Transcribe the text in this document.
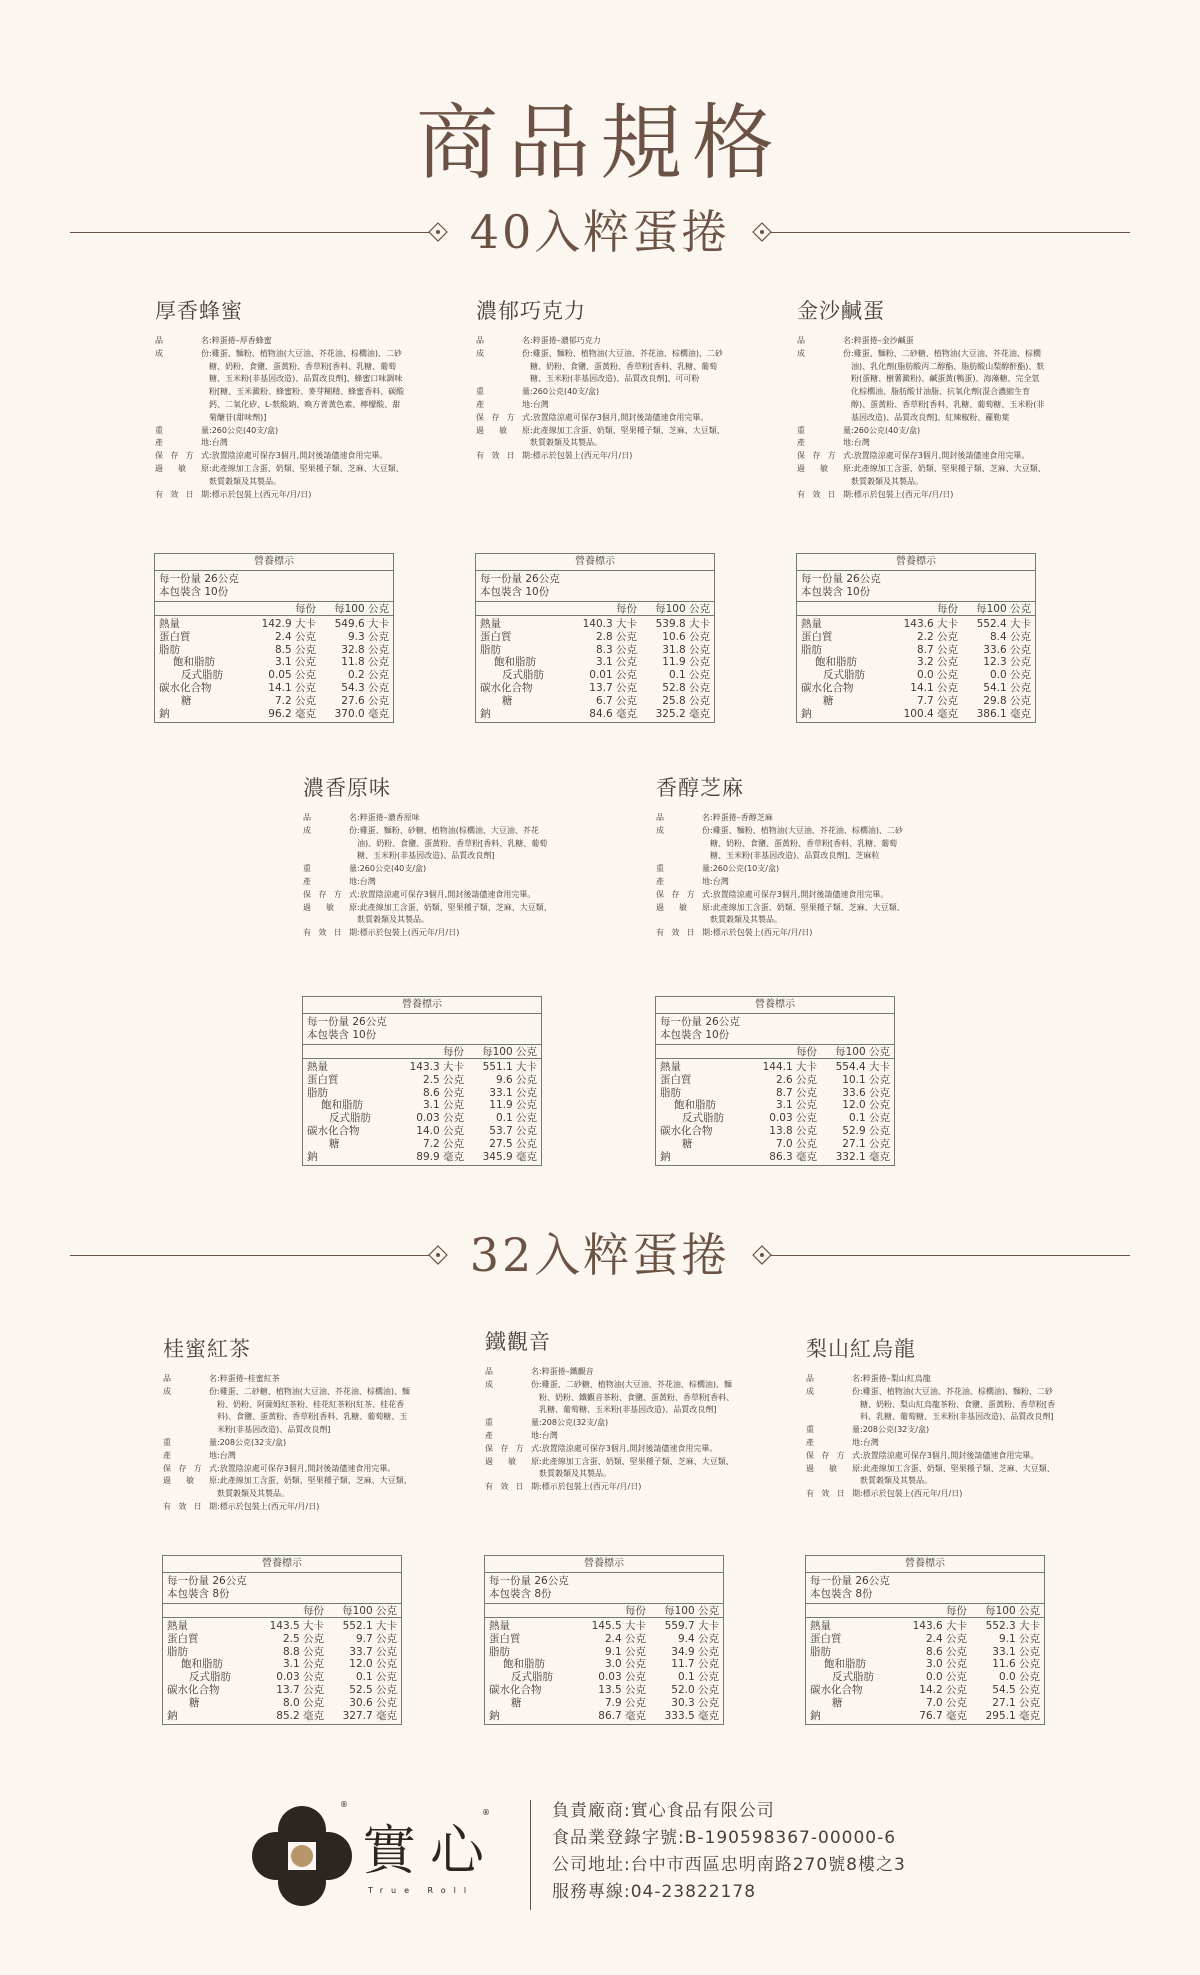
商品規格
40入粹蛋捲
32入粹蛋捲
厚香蜂蜜
品名 :粹蛋捲–厚香蜂蜜
成份 :雞蛋、麵粉、植物油(大豆油、芥花油、棕櫚油)、二砂糖、奶粉、食鹽、蛋黃粉、香草粉[香料、乳糖、葡萄糖、玉米粉(非基因改造)、品質改良劑]、蜂蜜口味調味粉[糖、玉米澱粉、蜂蜜粉、麥芽糊精、蜂蜜香料、碳酸鈣、二氧化矽、L-麩酸鈉、喚方菁黃色素、檸檬酸、甜菊醣苷(甜味劑)]
重量 :260公克(40支/盒)
產地 :台灣
保存方式 :放置陰涼處可保存3個月,開封後請儘速食用完畢。
過敏原 :此產線加工含蛋、奶類、堅果種子類、芝麻、大豆類、麩質穀類及其製品。
有效日期 :標示於包裝上(西元年/月/日)
營養標示
每一份量 26公克
本包裝含 10份
每份	每100 公克
熱量	142.9 大卡	549.6 大卡
蛋白質	2.4 公克	9.3 公克
脂肪	8.5 公克	32.8 公克
飽和脂肪	3.1 公克	11.8 公克
反式脂肪	0.05 公克	0.2 公克
碳水化合物	14.1 公克	54.3 公克
糖	7.2 公克	27.6 公克
鈉	96.2 毫克	370.0 毫克
濃郁巧克力
品名 :粹蛋捲–濃郁巧克力
成份 :雞蛋、麵粉、植物油(大豆油、芥花油、棕櫚油)、二砂糖、奶粉、食鹽、蛋黃粉、香草粉[香料、乳糖、葡萄糖、玉米粉(非基因改造)、品質改良劑]、可可粉
重量 :260公克(40支/盒)
產地 :台灣
保存方式 :放置陰涼處可保存3個月,開封後請儘速食用完畢。
過敏原 :此產線加工含蛋、奶類、堅果種子類、芝麻、大豆類、麩質穀類及其製品。
有效日期 :標示於包裝上(西元年/月/日)
營養標示
每一份量 26公克
本包裝含 10份
每份	每100 公克
熱量	140.3 大卡	539.8 大卡
蛋白質	2.8 公克	10.6 公克
脂肪	8.3 公克	31.8 公克
飽和脂肪	3.1 公克	11.9 公克
反式脂肪	0.01 公克	0.1 公克
碳水化合物	13.7 公克	52.8 公克
糖	6.7 公克	25.8 公克
鈉	84.6 毫克	325.2 毫克
金沙鹹蛋
品名 :粹蛋捲–金沙鹹蛋
成份 :雞蛋、麵粉、二砂糖、植物油(大豆油、芥花油、棕櫚油)、乳化劑(脂肪酸丙二醇酯、脂肪酸山梨醇酐酯)、麩粉(蛋糖、樹薯澱粉)、鹹蛋黃(鴨蛋)、海藻糖、完全氫化棕櫚油、脂肪酸甘油脂、抗氧化劑(混合濃縮生育醇)、蛋黃粉、香草粉[香料、乳糖、葡萄糖、玉米粉(非基因改造)、品質改良劑]、紅辣椒粉、蘿勒葉
重量 :260公克(40支/盒)
產地 :台灣
保存方式 :放置陰涼處可保存3個月,開封後請儘速食用完畢。
過敏原 :此產線加工含蛋、奶類、堅果種子類、芝麻、大豆類、麩質穀類及其製品。
有效日期 :標示於包裝上(西元年/月/日)
營養標示
每一份量 26公克
本包裝含 10份
每份	每100 公克
熱量	143.6 大卡	552.4 大卡
蛋白質	2.2 公克	8.4 公克
脂肪	8.7 公克	33.6 公克
飽和脂肪	3.2 公克	12.3 公克
反式脂肪	0.0 公克	0.0 公克
碳水化合物	14.1 公克	54.1 公克
糖	7.7 公克	29.8 公克
鈉	100.4 毫克	386.1 毫克
濃香原味
品名 :粹蛋捲–濃香原味
成份 :雞蛋、麵粉、砂糖、植物油(棕櫚油、大豆油、芥花油)、奶粉、食鹽、蛋黃粉、香草粉[香料、乳糖、葡萄糖、玉米粉(非基因改造)、品質改良劑]
重量 :260公克(40支/盒)
產地 :台灣
保存方式 :放置陰涼處可保存3個月,開封後請儘速食用完畢。
過敏原 :此產線加工含蛋、奶類、堅果種子類、芝麻、大豆類、麩質穀類及其製品。
有效日期 :標示於包裝上(西元年/月/日)
營養標示
每一份量 26公克
本包裝含 10份
每份	每100 公克
熱量	143.3 大卡	551.1 大卡
蛋白質	2.5 公克	9.6 公克
脂肪	8.6 公克	33.1 公克
飽和脂肪	3.1 公克	11.9 公克
反式脂肪	0.03 公克	0.1 公克
碳水化合物	14.0 公克	53.7 公克
糖	7.2 公克	27.5 公克
鈉	89.9 毫克	345.9 毫克
香醇芝麻
品名 :粹蛋捲–香醇芝麻
成份 :雞蛋、麵粉、植物油(大豆油、芥花油、棕櫚油)、二砂糖、奶粉、食鹽、蛋黃粉、香草粉[香料、乳糖、葡萄糖、玉米粉(非基因改造)、品質改良劑]、芝麻粒
重量 :260公克(10支/盒)
產地 :台灣
保存方式 :放置陰涼處可保存3個月,開封後請儘速食用完畢。
過敏原 :此產線加工含蛋、奶類、堅果種子類、芝麻、大豆類、麩質穀類及其製品。
有效日期 :標示於包裝上(西元年/月/日)
營養標示
每一份量 26公克
本包裝含 10份
每份	每100 公克
熱量	144.1 大卡	554.4 大卡
蛋白質	2.6 公克	10.1 公克
脂肪	8.7 公克	33.6 公克
飽和脂肪	3.1 公克	12.0 公克
反式脂肪	0.03 公克	0.1 公克
碳水化合物	13.8 公克	52.9 公克
糖	7.0 公克	27.1 公克
鈉	86.3 毫克	332.1 毫克
桂蜜紅茶
品名 :粹蛋捲–桂蜜紅茶
成份 :雞蛋、二砂糖、植物油(大豆油、芥花油、棕櫚油)、麵粉、奶粉、阿薩姆紅茶粉、桂花紅茶粉(紅茶、桂花香料)、食鹽、蛋黃粉、香草粉[香料、乳糖、葡萄糖、玉米粉(非基因改造)、品質改良劑]
重量 :208公克(32支/盒)
產地 :台灣
保存方式 :放置陰涼處可保存3個月,開封後請儘速食用完畢。
過敏原 :此產線加工含蛋、奶類、堅果種子類、芝麻、大豆類、麩質穀類及其製品。
有效日期 :標示於包裝上(西元年/月/日)
營養標示
每一份量 26公克
本包裝含 8份
每份	每100 公克
熱量	143.5 大卡	552.1 大卡
蛋白質	2.5 公克	9.7 公克
脂肪	8.8 公克	33.7 公克
飽和脂肪	3.1 公克	12.0 公克
反式脂肪	0.03 公克	0.1 公克
碳水化合物	13.7 公克	52.5 公克
糖	8.0 公克	30.6 公克
鈉	85.2 毫克	327.7 毫克
鐵觀音
品名 :粹蛋捲–鐵觀音
成份 :雞蛋、二砂糖、植物油(大豆油、芥花油、棕櫚油)、麵粉、奶粉、鐵觀音茶粉、食鹽、蛋黃粉、香草粉[香料、乳糖、葡萄糖、玉米粉(非基因改造)、品質改良劑]
重量 :208公克(32支/盒)
產地 :台灣
保存方式 :放置陰涼處可保存3個月,開封後請儘速食用完畢。
過敏原 :此產線加工含蛋、奶類、堅果種子類、芝麻、大豆類、麩質穀類及其製品。
有效日期 :標示於包裝上(西元年/月/日)
營養標示
每一份量 26公克
本包裝含 8份
每份	每100 公克
熱量	145.5 大卡	559.7 大卡
蛋白質	2.4 公克	9.4 公克
脂肪	9.1 公克	34.9 公克
飽和脂肪	3.0 公克	11.7 公克
反式脂肪	0.03 公克	0.1 公克
碳水化合物	13.5 公克	52.0 公克
糖	7.9 公克	30.3 公克
鈉	86.7 毫克	333.5 毫克
梨山紅烏龍
品名 :粹蛋捲–梨山紅烏龍
成份 :雞蛋、植物油(大豆油、芥花油、棕櫚油)、麵粉、二砂糖、奶粉、梨山紅烏龍茶粉、食鹽、蛋黃粉、香草粉[香料、乳糖、葡萄糖、玉米粉(非基因改造)、品質改良劑]
重量 :208公克(32支/盒)
產地 :台灣
保存方式 :放置陰涼處可保存3個月,開封後請儘速食用完畢。
過敏原 :此產線加工含蛋、奶類、堅果種子類、芝麻、大豆類、麩質穀類及其製品。
有效日期 :標示於包裝上(西元年/月/日)
營養標示
每一份量 26公克
本包裝含 8份
每份	每100 公克
熱量	143.6 大卡	552.3 大卡
蛋白質	2.4 公克	9.1 公克
脂肪	8.6 公克	33.1 公克
飽和脂肪	3.0 公克	11.6 公克
反式脂肪	0.0 公克	0.0 公克
碳水化合物	14.2 公克	54.5 公克
糖	7.0 公克	27.1 公克
鈉	76.7 毫克	295.1 毫克
®
實心
®
True Roll
負責廠商:實心食品有限公司
食品業登錄字號:B-190598367-00000-6
公司地址:台中市西區忠明南路270號8樓之3
服務專線:04-23822178
